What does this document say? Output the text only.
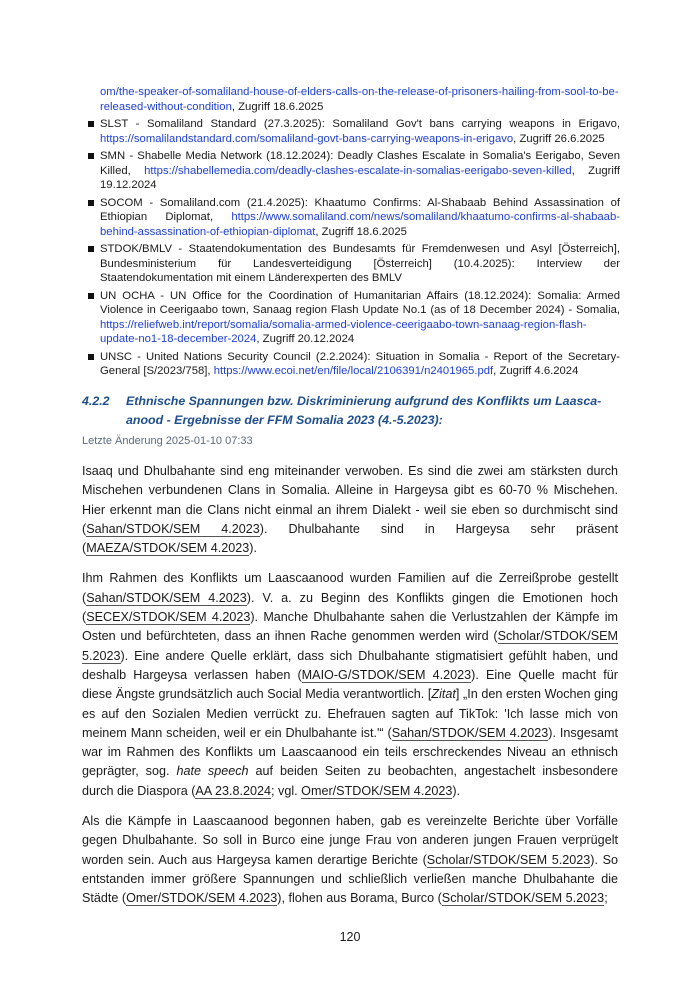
om/the-speaker-of-somaliland-house-of-elders-calls-on-the-release-of-prisoners-hailing-from-sool-to-be-released-without-condition, Zugriff 18.6.2025
SLST - Somaliland Standard (27.3.2025): Somaliland Gov't bans carrying weapons in Erigavo, https://somalilandstandard.com/somaliland-govt-bans-carrying-weapons-in-erigavo, Zugriff 26.6.2025
SMN - Shabelle Media Network (18.12.2024): Deadly Clashes Escalate in Somalia's Eerigabo, Seven Killed, https://shabellemedia.com/deadly-clashes-escalate-in-somalias-eerigabo-seven-killed, Zugriff 19.12.2024
SOCOM - Somaliland.com (21.4.2025): Khaatumo Confirms: Al-Shabaab Behind Assassination of Ethiopian Diplomat, https://www.somaliland.com/news/somaliland/khaatumo-confirms-al-shabaab-behind-assassination-of-ethiopian-diplomat, Zugriff 18.6.2025
STDOK/BMLV - Staatendokumentation des Bundesamts für Fremdenwesen und Asyl [Österreich], Bundesministerium für Landesverteidigung [Österreich] (10.4.2025): Interview der Staatendokumentation mit einem Länderexperten des BMLV
UN OCHA - UN Office for the Coordination of Humanitarian Affairs (18.12.2024): Somalia: Armed Violence in Ceerigaabo town, Sanaag region Flash Update No.1 (as of 18 December 2024) - Somalia, https://reliefweb.int/report/somalia/somalia-armed-violence-ceerigaabo-town-sanaag-region-flash-update-no1-18-december-2024, Zugriff 20.12.2024
UNSC - United Nations Security Council (2.2.2024): Situation in Somalia - Report of the Secretary-General [S/2023/758], https://www.ecoi.net/en/file/local/2106391/n2401965.pdf, Zugriff 4.6.2024
4.2.2 Ethnische Spannungen bzw. Diskriminierung aufgrund des Konflikts um Laasca-
anood - Ergebnisse der FFM Somalia 2023 (4.-5.2023):
Letzte Änderung 2025-01-10 07:33

Isaaq und Dhulbahante sind eng miteinander verwoben. Es sind die zwei am stärksten durch Mischehen verbundenen Clans in Somalia. Alleine in Hargeysa gibt es 60-70 % Mischehen. Hier erkennt man die Clans nicht einmal an ihrem Dialekt - weil sie eben so durchmischt sind (Sahan/STDOK/SEM 4.2023). Dhulbahante sind in Hargeysa sehr präsent (MAEZA/STDOK/SEM 4.2023).

Ihm Rahmen des Konflikts um Laascaanood wurden Familien auf die Zerreißprobe gestellt (Sahan/STDOK/SEM 4.2023). V. a. zu Beginn des Konflikts gingen die Emotionen hoch (SECEX/STDOK/SEM 4.2023). Manche Dhulbahante sahen die Verlustzahlen der Kämpfe im Osten und befürchteten, dass an ihnen Rache genommen werden wird (Scholar/STDOK/SEM 5.2023). Eine andere Quelle erklärt, dass sich Dhulbahante stigmatisiert gefühlt haben, und deshalb Hargeysa verlassen haben (MAIO-G/STDOK/SEM 4.2023). Eine Quelle macht für diese Ängste grundsätzlich auch Social Media verantwortlich. [Zitat] „In den ersten Wochen ging es auf den Sozialen Medien verrückt zu. Ehefrauen sagten auf TikTok: 'Ich lasse mich von meinem Mann scheiden, weil er ein Dhulbahante ist.'“ (Sahan/STDOK/SEM 4.2023). Insgesamt war im Rahmen des Konflikts um Laascaanood ein teils erschreckendes Niveau an ethnisch geprägter, sog. hate speech auf beiden Seiten zu beobachten, angestachelt insbesondere durch die Diaspora (AA 23.8.2024; vgl. Omer/STDOK/SEM 4.2023).

Als die Kämpfe in Laascaanood begonnen haben, gab es vereinzelte Berichte über Vorfälle gegen Dhulbahante. So soll in Burco eine junge Frau von anderen jungen Frauen verprügelt worden sein. Auch aus Hargeysa kamen derartige Berichte (Scholar/STDOK/SEM 5.2023). So entstanden immer größere Spannungen und schließlich verließen manche Dhulbahante die Städte (Omer/STDOK/SEM 4.2023), flohen aus Borama, Burco (Scholar/STDOK/SEM 5.2023;

120
